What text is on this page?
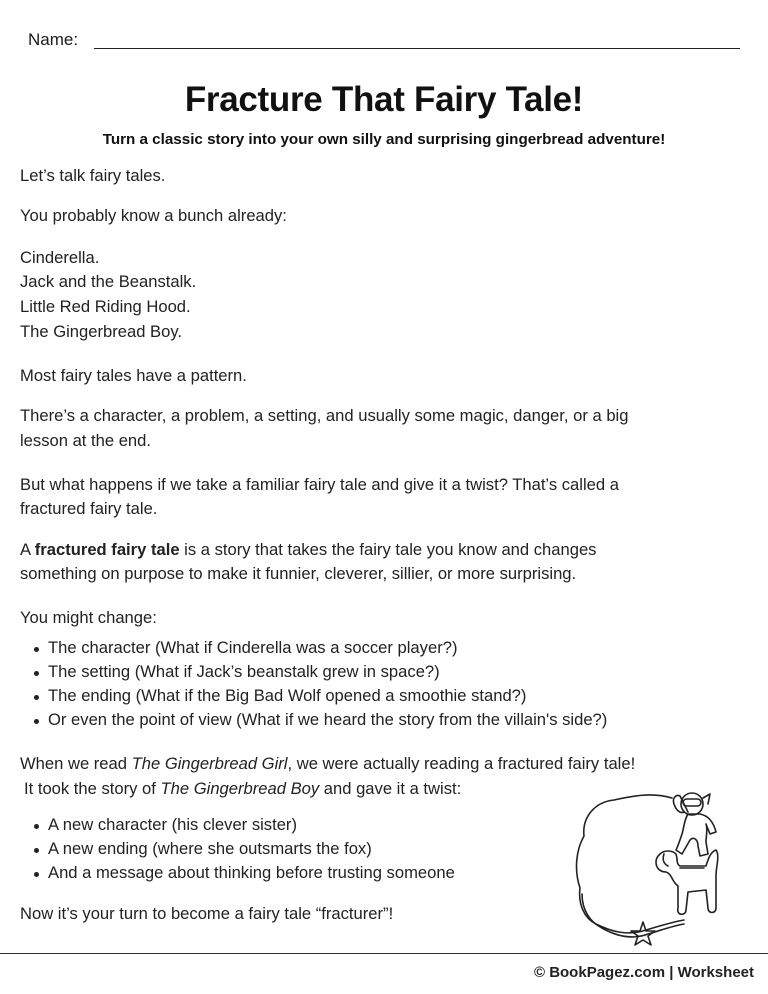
Name:
Fracture That Fairy Tale!
Turn a classic story into your own silly and surprising gingerbread adventure!
Let’s talk fairy tales.
You probably know a bunch already:
Cinderella.
Jack and the Beanstalk.
Little Red Riding Hood.
The Gingerbread Boy.
Most fairy tales have a pattern.
There’s a character, a problem, a setting, and usually some magic, danger, or a big
lesson at the end.
But what happens if we take a familiar fairy tale and give it a twist? That’s called a
fractured fairy tale.
A fractured fairy tale is a story that takes the fairy tale you know and changes
something on purpose to make it funnier, cleverer, sillier, or more surprising.
You might change:
The character (What if Cinderella was a soccer player?)
The setting (What if Jack’s beanstalk grew in space?)
The ending (What if the Big Bad Wolf opened a smoothie stand?)
Or even the point of view (What if we heard the story from the villain's side?)
When we read The Gingerbread Girl, we were actually reading a fractured fairy tale!
It took the story of The Gingerbread Boy and gave it a twist:
A new character (his clever sister)
A new ending (where she outsmarts the fox)
And a message about thinking before trusting someone
Now it’s your turn to become a fairy tale “fracturer”!
© BookPagez.com | Worksheet
